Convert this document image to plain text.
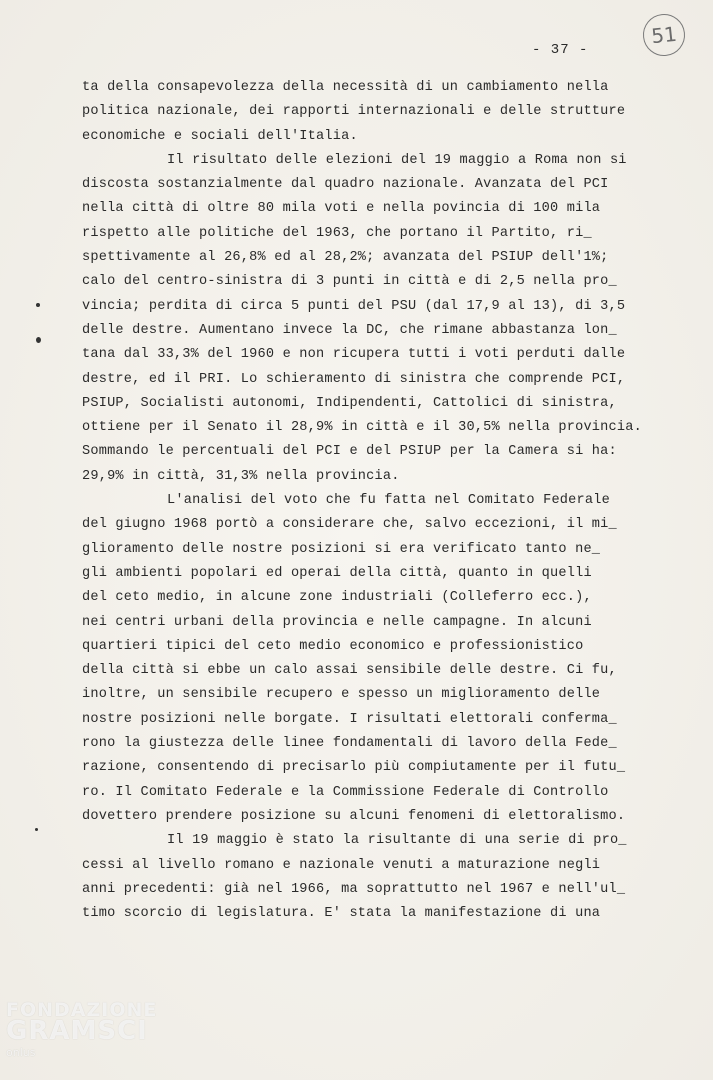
- 37 -
51
ta della consapevolezza della necessità di un cambiamento nella
politica nazionale, dei rapporti internazionali e delle strutture
economiche e sociali dell'Italia.
Il risultato delle elezioni del 19 maggio a Roma non si
discosta sostanzialmente dal quadro nazionale. Avanzata del PCI
nella città di oltre 80 mila voti e nella povincia di 100 mila
rispetto alle politiche del 1963, che portano il Partito, ri_
spettivamente al 26,8% ed al 28,2%; avanzata del PSIUP dell'1%;
calo del centro-sinistra di 3 punti in città e di 2,5 nella pro_
vincia; perdita di circa 5 punti del PSU (dal 17,9 al 13), di 3,5
delle destre. Aumentano invece la DC, che rimane abbastanza lon_
tana dal 33,3% del 1960 e non ricupera tutti i voti perduti dalle
destre, ed il PRI. Lo schieramento di sinistra che comprende PCI,
PSIUP, Socialisti autonomi, Indipendenti, Cattolici di sinistra,
ottiene per il Senato il 28,9% in città e il 30,5% nella provincia.
Sommando le percentuali del PCI e del PSIUP per la Camera si ha:
29,9% in città, 31,3% nella provincia.
L'analisi del voto che fu fatta nel Comitato Federale
del giugno 1968 portò a considerare che, salvo eccezioni, il mi_
glioramento delle nostre posizioni si era verificato tanto ne_
gli ambienti popolari ed operai della città, quanto in quelli
del ceto medio, in alcune zone industriali (Colleferro ecc.),
nei centri urbani della provincia e nelle campagne. In alcuni
quartieri tipici del ceto medio economico e professionistico
della città si ebbe un calo assai sensibile delle destre. Ci fu,
inoltre, un sensibile recupero e spesso un miglioramento delle
nostre posizioni nelle borgate. I risultati elettorali conferma_
rono la giustezza delle linee fondamentali di lavoro della Fede_
razione, consentendo di precisarlo più compiutamente per il futu_
ro. Il Comitato Federale e la Commissione Federale di Controllo
dovettero prendere posizione su alcuni fenomeni di elettoralismo.
Il 19 maggio è stato la risultante di una serie di pro_
cessi al livello romano e nazionale venuti a maturazione negli
anni precedenti: già nel 1966, ma soprattutto nel 1967 e nell'ul_
timo scorcio di legislatura. E' stata la manifestazione di una
FONDAZIONE
GRAMSCI
onlus
